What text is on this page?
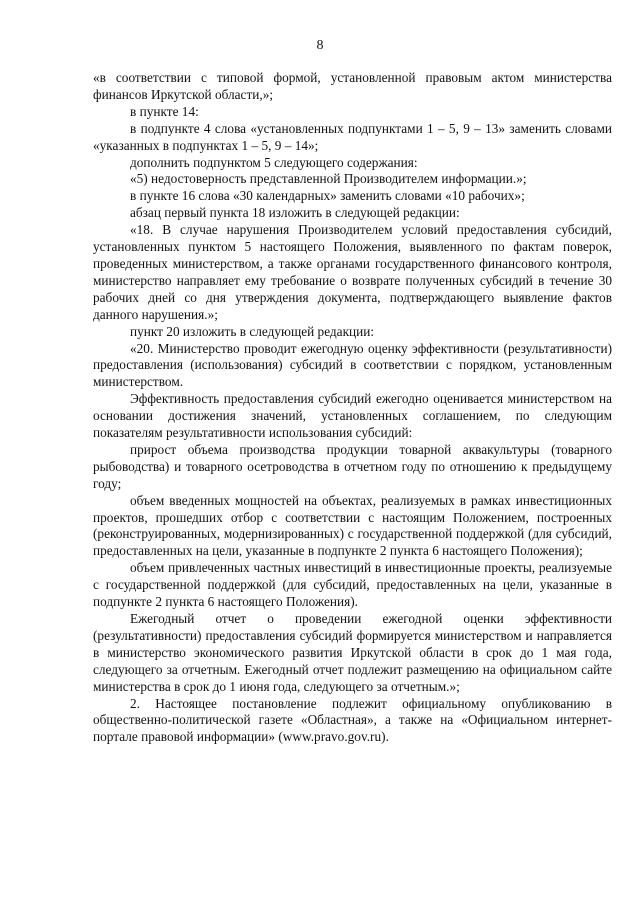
8

«в соответствии с типовой формой, установленной правовым актом министерства финансов Иркутской области,»;

в пункте 14:

в подпункте 4 слова «установленных подпунктами 1 – 5, 9 – 13» заменить словами «указанных в подпунктах 1 – 5, 9 – 14»;

дополнить подпунктом 5 следующего содержания:

«5) недостоверность представленной Производителем информации.»;

в пункте 16 слова «30 календарных» заменить словами «10 рабочих»;

абзац первый пункта 18 изложить в следующей редакции:

«18. В случае нарушения Производителем условий предоставления субсидий, установленных пунктом 5 настоящего Положения, выявленного по фактам поверок, проведенных министерством, а также органами государственного финансового контроля, министерство направляет ему требование о возврате полученных субсидий в течение 30 рабочих дней со дня утверждения документа, подтверждающего выявление фактов данного нарушения.»;

пункт 20 изложить в следующей редакции:

«20. Министерство проводит ежегодную оценку эффективности (результативности) предоставления (использования) субсидий в соответствии с порядком, установленным министерством.

Эффективность предоставления субсидий ежегодно оценивается министерством на основании достижения значений, установленных соглашением, по следующим показателям результативности использования субсидий:

прирост объема производства продукции товарной аквакультуры (товарного рыбоводства) и товарного осетроводства в отчетном году по отношению к предыдущему году;

объем введенных мощностей на объектах, реализуемых в рамках инвестиционных проектов, прошедших отбор с соответствии с настоящим Положением, построенных (реконструированных, модернизированных) с государственной поддержкой (для субсидий, предоставленных на цели, указанные в подпункте 2 пункта 6 настоящего Положения);

объем привлеченных частных инвестиций в инвестиционные проекты, реализуемые с государственной поддержкой (для субсидий, предоставленных на цели, указанные в подпункте 2 пункта 6 настоящего Положения).

Ежегодный отчет о проведении ежегодной оценки эффективности (результативности) предоставления субсидий формируется министерством и направляется в министерство экономического развития Иркутской области в срок до 1 мая года, следующего за отчетным. Ежегодный отчет подлежит размещению на официальном сайте министерства в срок до 1 июня года, следующего за отчетным.»;

2. Настоящее постановление подлежит официальному опубликованию в общественно-политической газете «Областная», а также на «Официальном интернет-портале правовой информации» (www.pravo.gov.ru).
